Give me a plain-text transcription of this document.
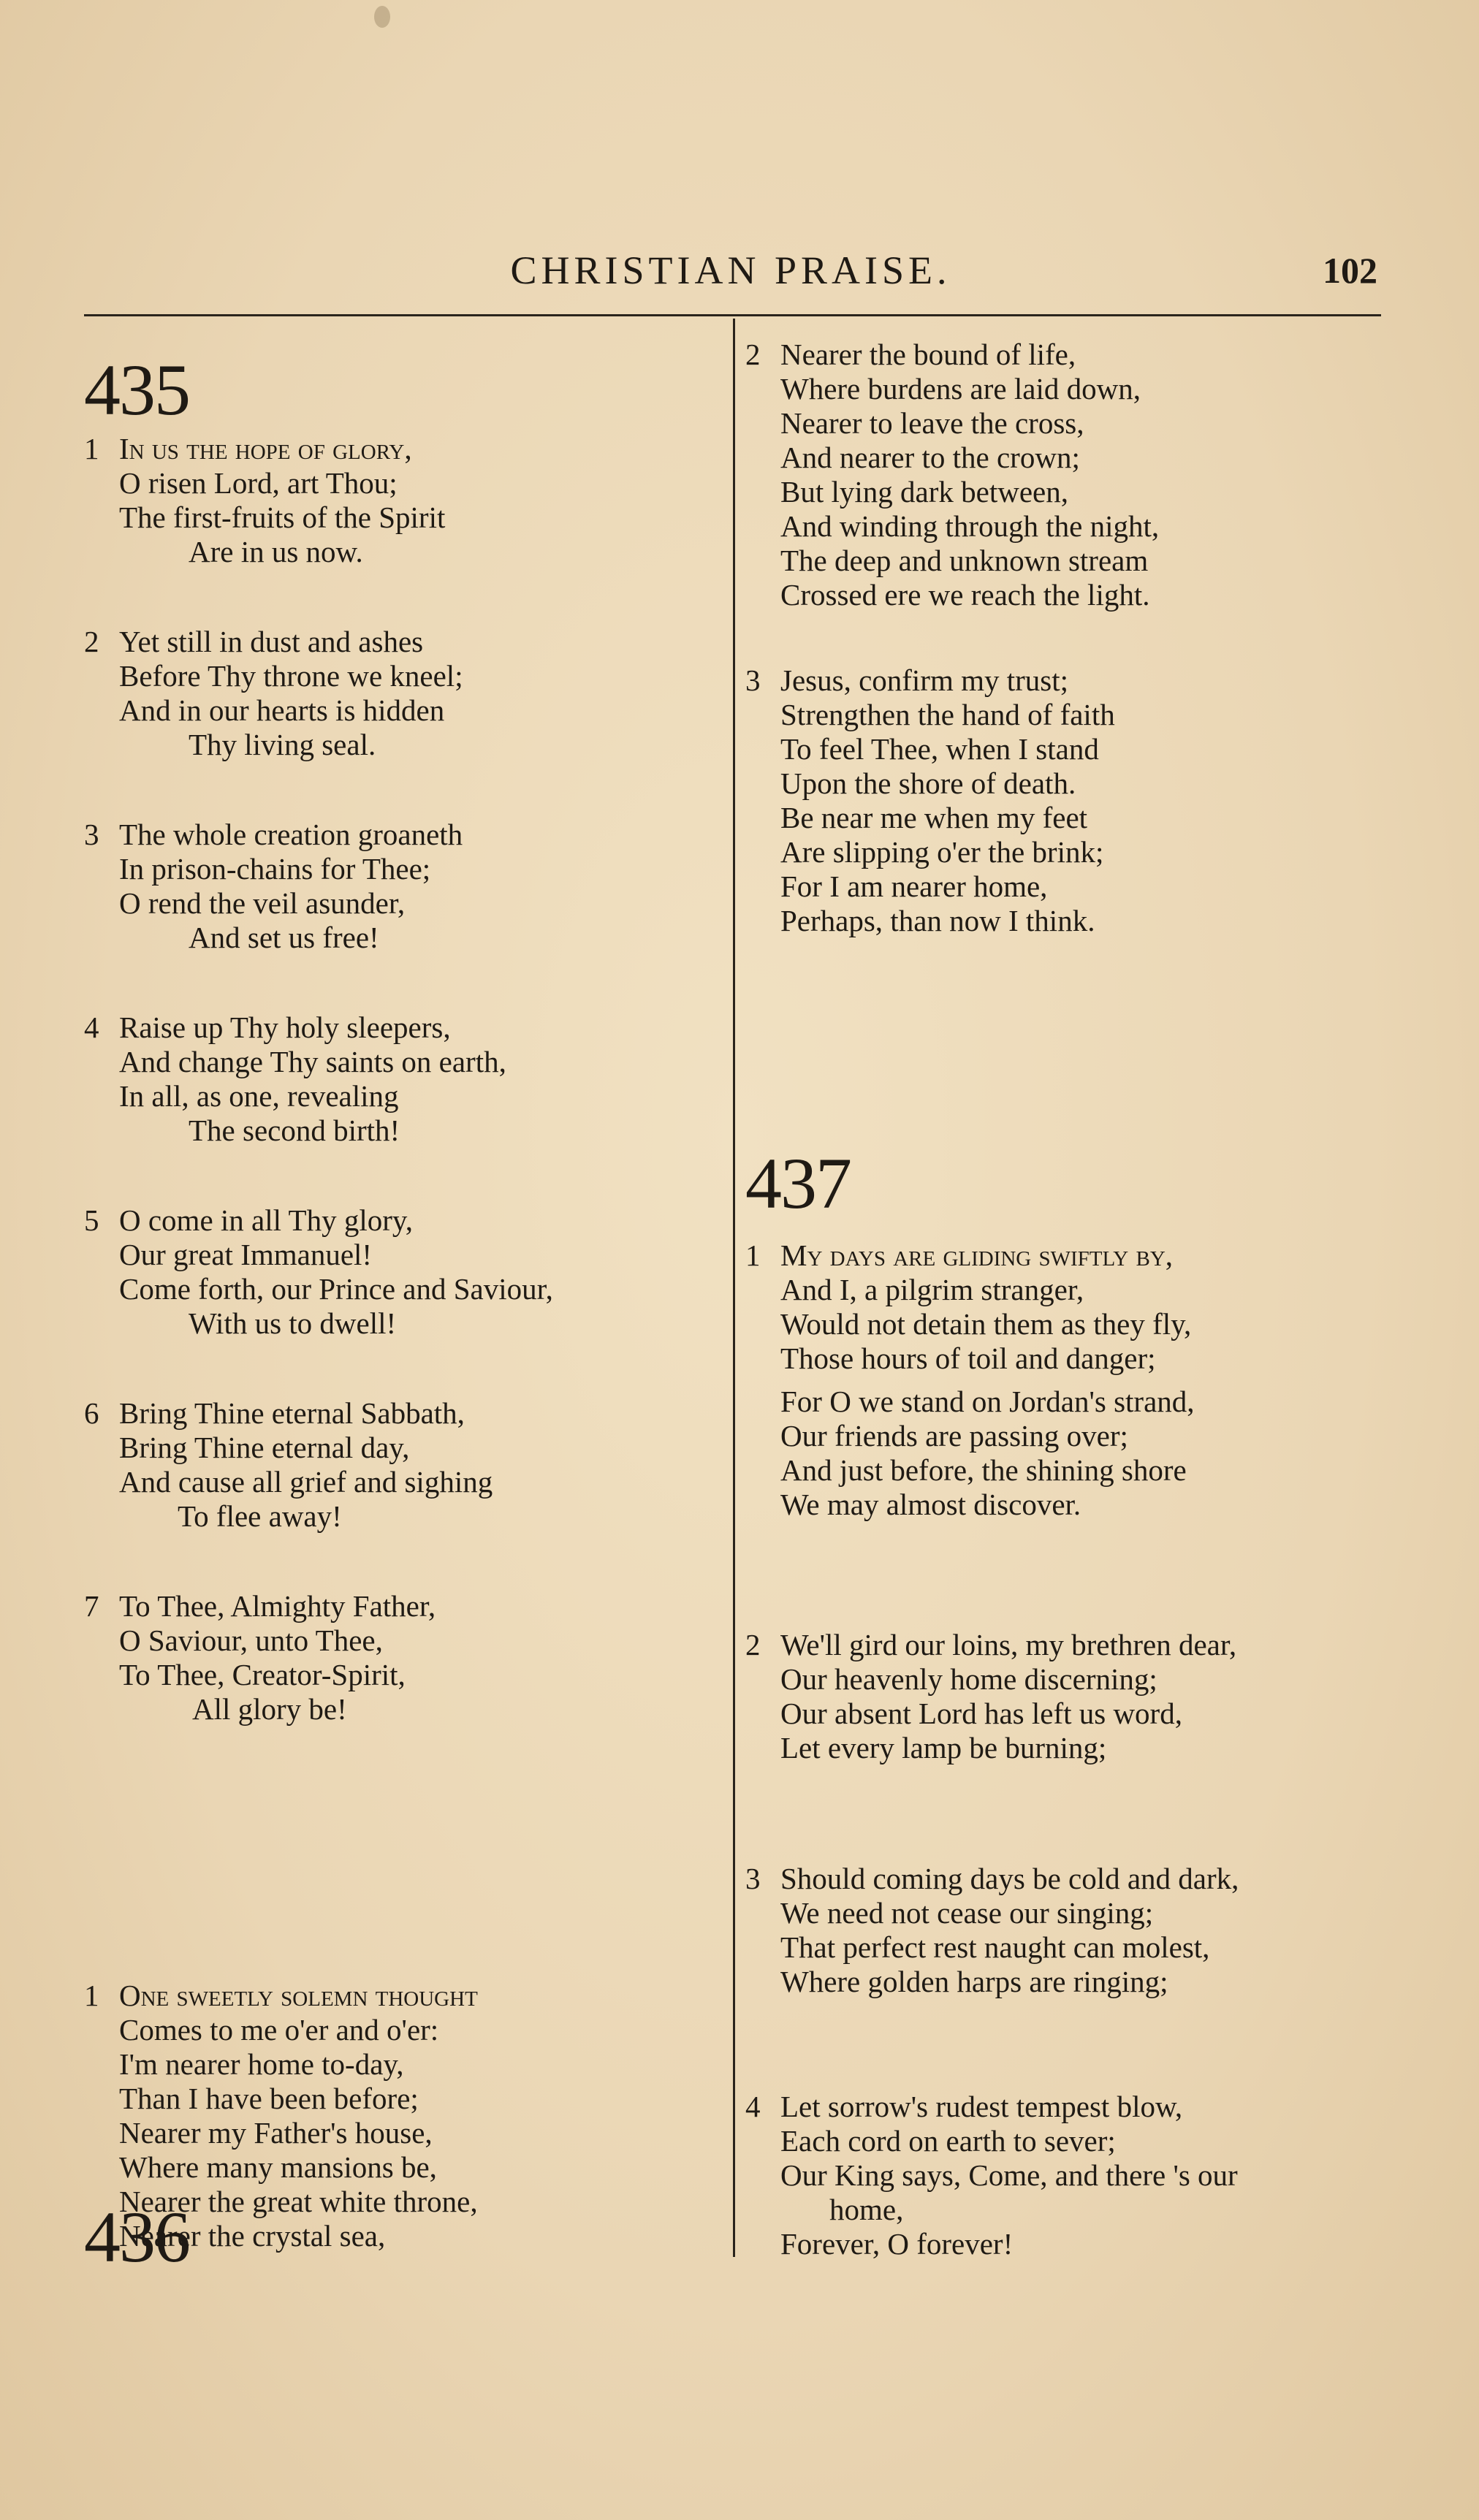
CHRISTIAN PRAISE.	102
435
1 In us the hope of glory,
O risen Lord, art Thou;
The first-fruits of the Spirit
Are in us now.
2 Yet still in dust and ashes
Before Thy throne we kneel;
And in our hearts is hidden
Thy living seal.
3 The whole creation groaneth
In prison-chains for Thee;
O rend the veil asunder,
And set us free!
4 Raise up Thy holy sleepers,
And change Thy saints on earth,
In all, as one, revealing
The second birth!
5 O come in all Thy glory,
Our great Immanuel!
Come forth, our Prince and Saviour,
With us to dwell!
6 Bring Thine eternal Sabbath,
Bring Thine eternal day,
And cause all grief and sighing
To flee away!
7 To Thee, Almighty Father,
O Saviour, unto Thee,
To Thee, Creator-Spirit,
All glory be!
436
1 One sweetly solemn thought
Comes to me o'er and o'er:
I'm nearer home to-day,
Than I have been before;
Nearer my Father's house,
Where many mansions be,
Nearer the great white throne,
Nearer the crystal sea,
2 Nearer the bound of life,
Where burdens are laid down,
Nearer to leave the cross,
And nearer to the crown;
But lying dark between,
And winding through the night,
The deep and unknown stream
Crossed ere we reach the light.
3 Jesus, confirm my trust;
Strengthen the hand of faith
To feel Thee, when I stand
Upon the shore of death.
Be near me when my feet
Are slipping o'er the brink;
For I am nearer home,
Perhaps, than now I think.
437
1 My days are gliding swiftly by,
And I, a pilgrim stranger,
Would not detain them as they fly,
Those hours of toil and danger;
For O we stand on Jordan's strand,
Our friends are passing over;
And just before, the shining shore
We may almost discover.
2 We'll gird our loins, my brethren dear,
Our heavenly home discerning;
Our absent Lord has left us word,
Let every lamp be burning;
3 Should coming days be cold and dark,
We need not cease our singing;
That perfect rest naught can molest,
Where golden harps are ringing;
4 Let sorrow's rudest tempest blow,
Each cord on earth to sever;
Our King says, Come, and there 's our
home,
Forever, O forever!
